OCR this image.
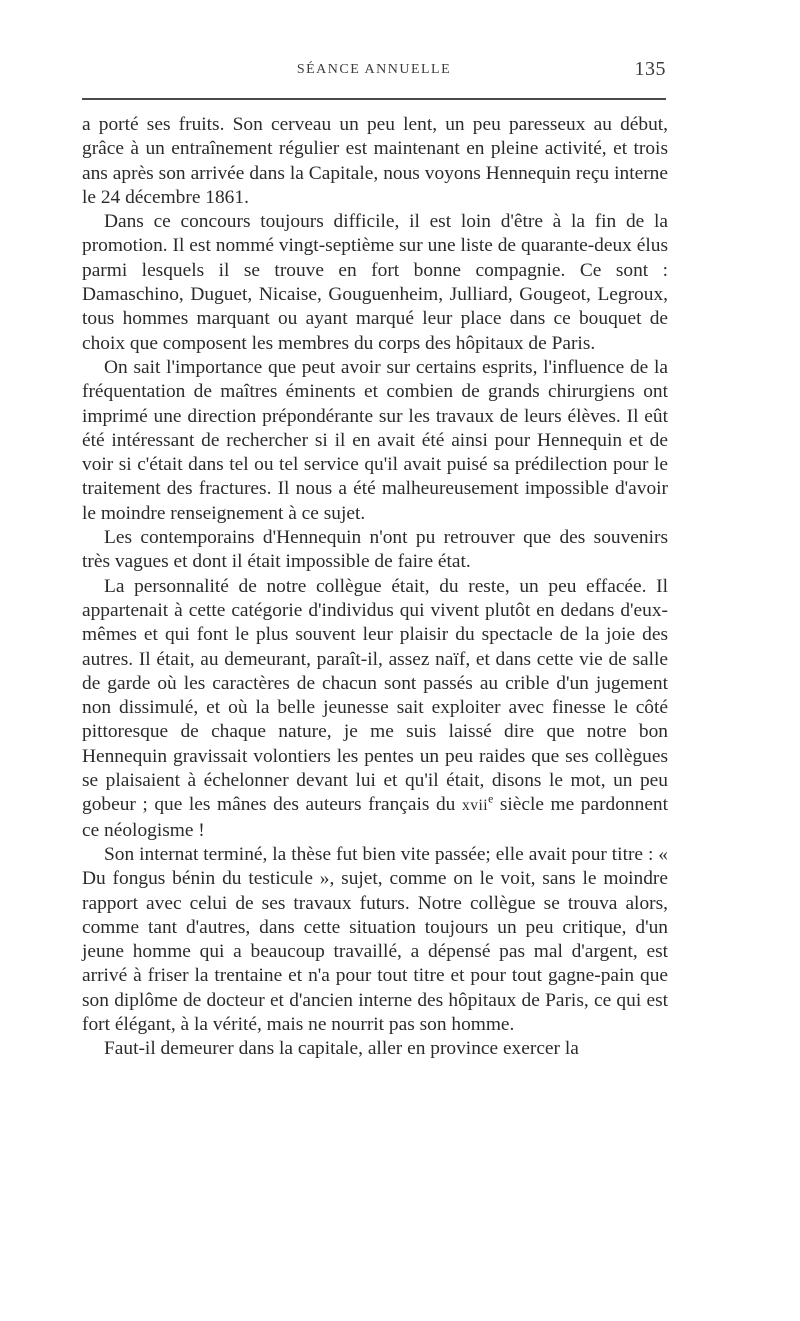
SÉANCE ANNUELLE	135

a porté ses fruits. Son cerveau un peu lent, un peu paresseux au début, grâce à un entraînement régulier est maintenant en pleine activité, et trois ans après son arrivée dans la Capitale, nous voyons Hennequin reçu interne le 24 décembre 1861.

Dans ce concours toujours difficile, il est loin d'être à la fin de la promotion. Il est nommé vingt-septième sur une liste de quarante-deux élus parmi lesquels il se trouve en fort bonne compagnie. Ce sont : Damaschino, Duguet, Nicaise, Gouguenheim, Julliard, Gougeot, Legroux, tous hommes marquant ou ayant marqué leur place dans ce bouquet de choix que composent les membres du corps des hôpitaux de Paris.

On sait l'importance que peut avoir sur certains esprits, l'influence de la fréquentation de maîtres éminents et combien de grands chirurgiens ont imprimé une direction prépondérante sur les travaux de leurs élèves. Il eût été intéressant de rechercher si il en avait été ainsi pour Hennequin et de voir si c'était dans tel ou tel service qu'il avait puisé sa prédilection pour le traitement des fractures. Il nous a été malheureusement impossible d'avoir le moindre renseignement à ce sujet.

Les contemporains d'Hennequin n'ont pu retrouver que des souvenirs très vagues et dont il était impossible de faire état.

La personnalité de notre collègue était, du reste, un peu effacée. Il appartenait à cette catégorie d'individus qui vivent plutôt en dedans d'eux-mêmes et qui font le plus souvent leur plaisir du spectacle de la joie des autres. Il était, au demeurant, paraît-il, assez naïf, et dans cette vie de salle de garde où les caractères de chacun sont passés au crible d'un jugement non dissimulé, et où la belle jeunesse sait exploiter avec finesse le côté pittoresque de chaque nature, je me suis laissé dire que notre bon Hennequin gravissait volontiers les pentes un peu raides que ses collègues se plaisaient à échelonner devant lui et qu'il était, disons le mot, un peu gobeur ; que les mânes des auteurs français du xvii$^e$ siècle me pardonnent ce néologisme !

Son internat terminé, la thèse fut bien vite passée; elle avait pour titre : « Du fongus bénin du testicule », sujet, comme on le voit, sans le moindre rapport avec celui de ses travaux futurs. Notre collègue se trouva alors, comme tant d'autres, dans cette situation toujours un peu critique, d'un jeune homme qui a beaucoup travaillé, a dépensé pas mal d'argent, est arrivé à friser la trentaine et n'a pour tout titre et pour tout gagne-pain que son diplôme de docteur et d'ancien interne des hôpitaux de Paris, ce qui est fort élégant, à la vérité, mais ne nourrit pas son homme.

Faut-il demeurer dans la capitale, aller en province exercer la
